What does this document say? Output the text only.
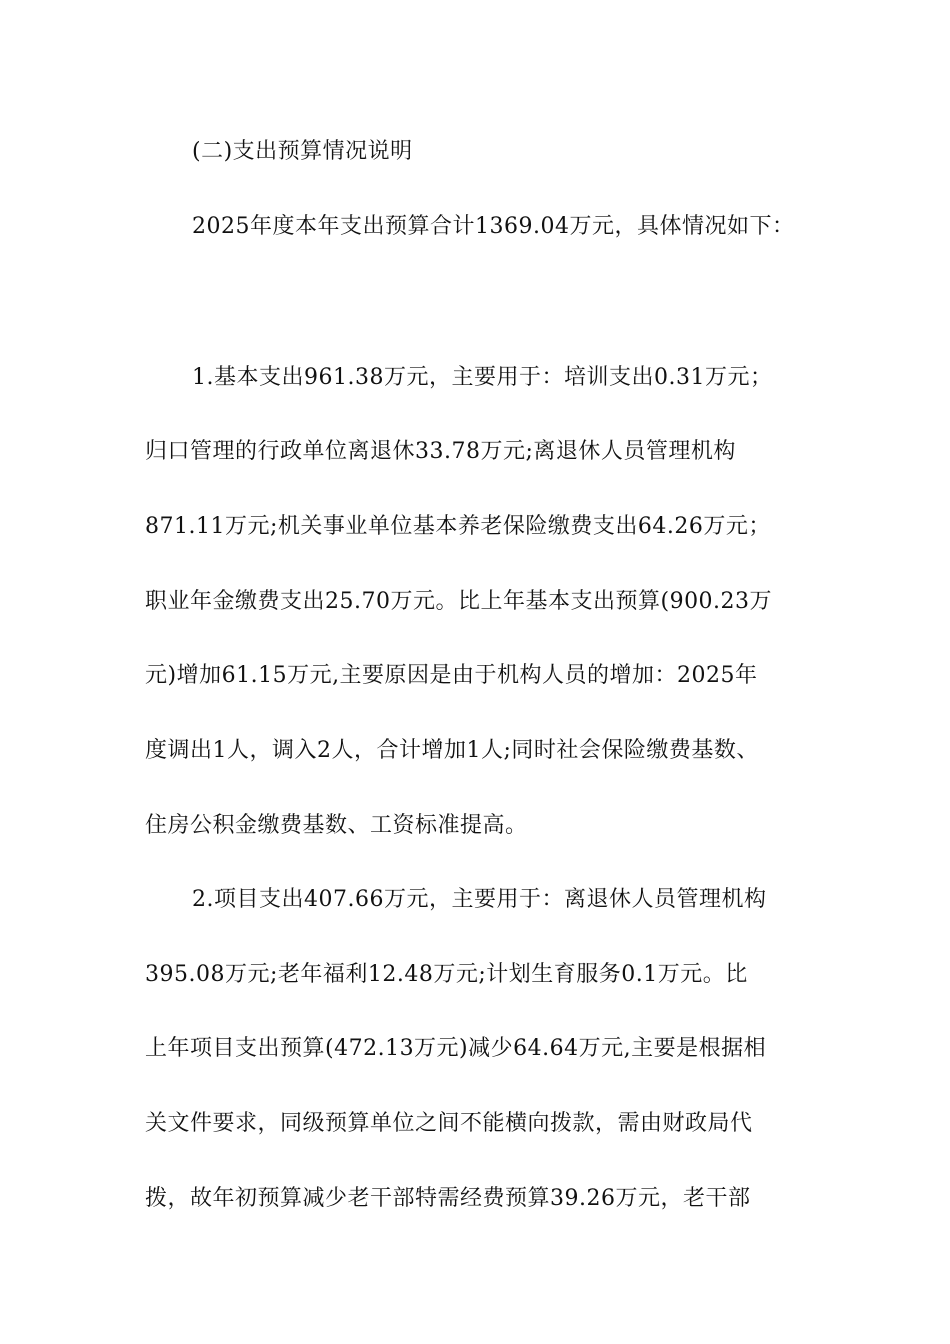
(二)支出预算情况说明
2025年度本年支出预算合计1369.04万元，具体情况如下：
1.基本支出961.38万元，主要用于：培训支出0.31万元；
归口管理的行政单位离退休33.78万元;离退休人员管理机构
871.11万元;机关事业单位基本养老保险缴费支出64.26万元；
职业年金缴费支出25.70万元。比上年基本支出预算(900.23万
元)增加61.15万元,主要原因是由于机构人员的增加：2025年
度调出1人，调入2人，合计增加1人;同时社会保险缴费基数、
住房公积金缴费基数、工资标准提高。
2.项目支出407.66万元，主要用于：离退休人员管理机构
395.08万元;老年福利12.48万元;计划生育服务0.1万元。比
上年项目支出预算(472.13万元)减少64.64万元,主要是根据相
关文件要求，同级预算单位之间不能横向拨款，需由财政局代
拨，故年初预算减少老干部特需经费预算39.26万元，老干部
